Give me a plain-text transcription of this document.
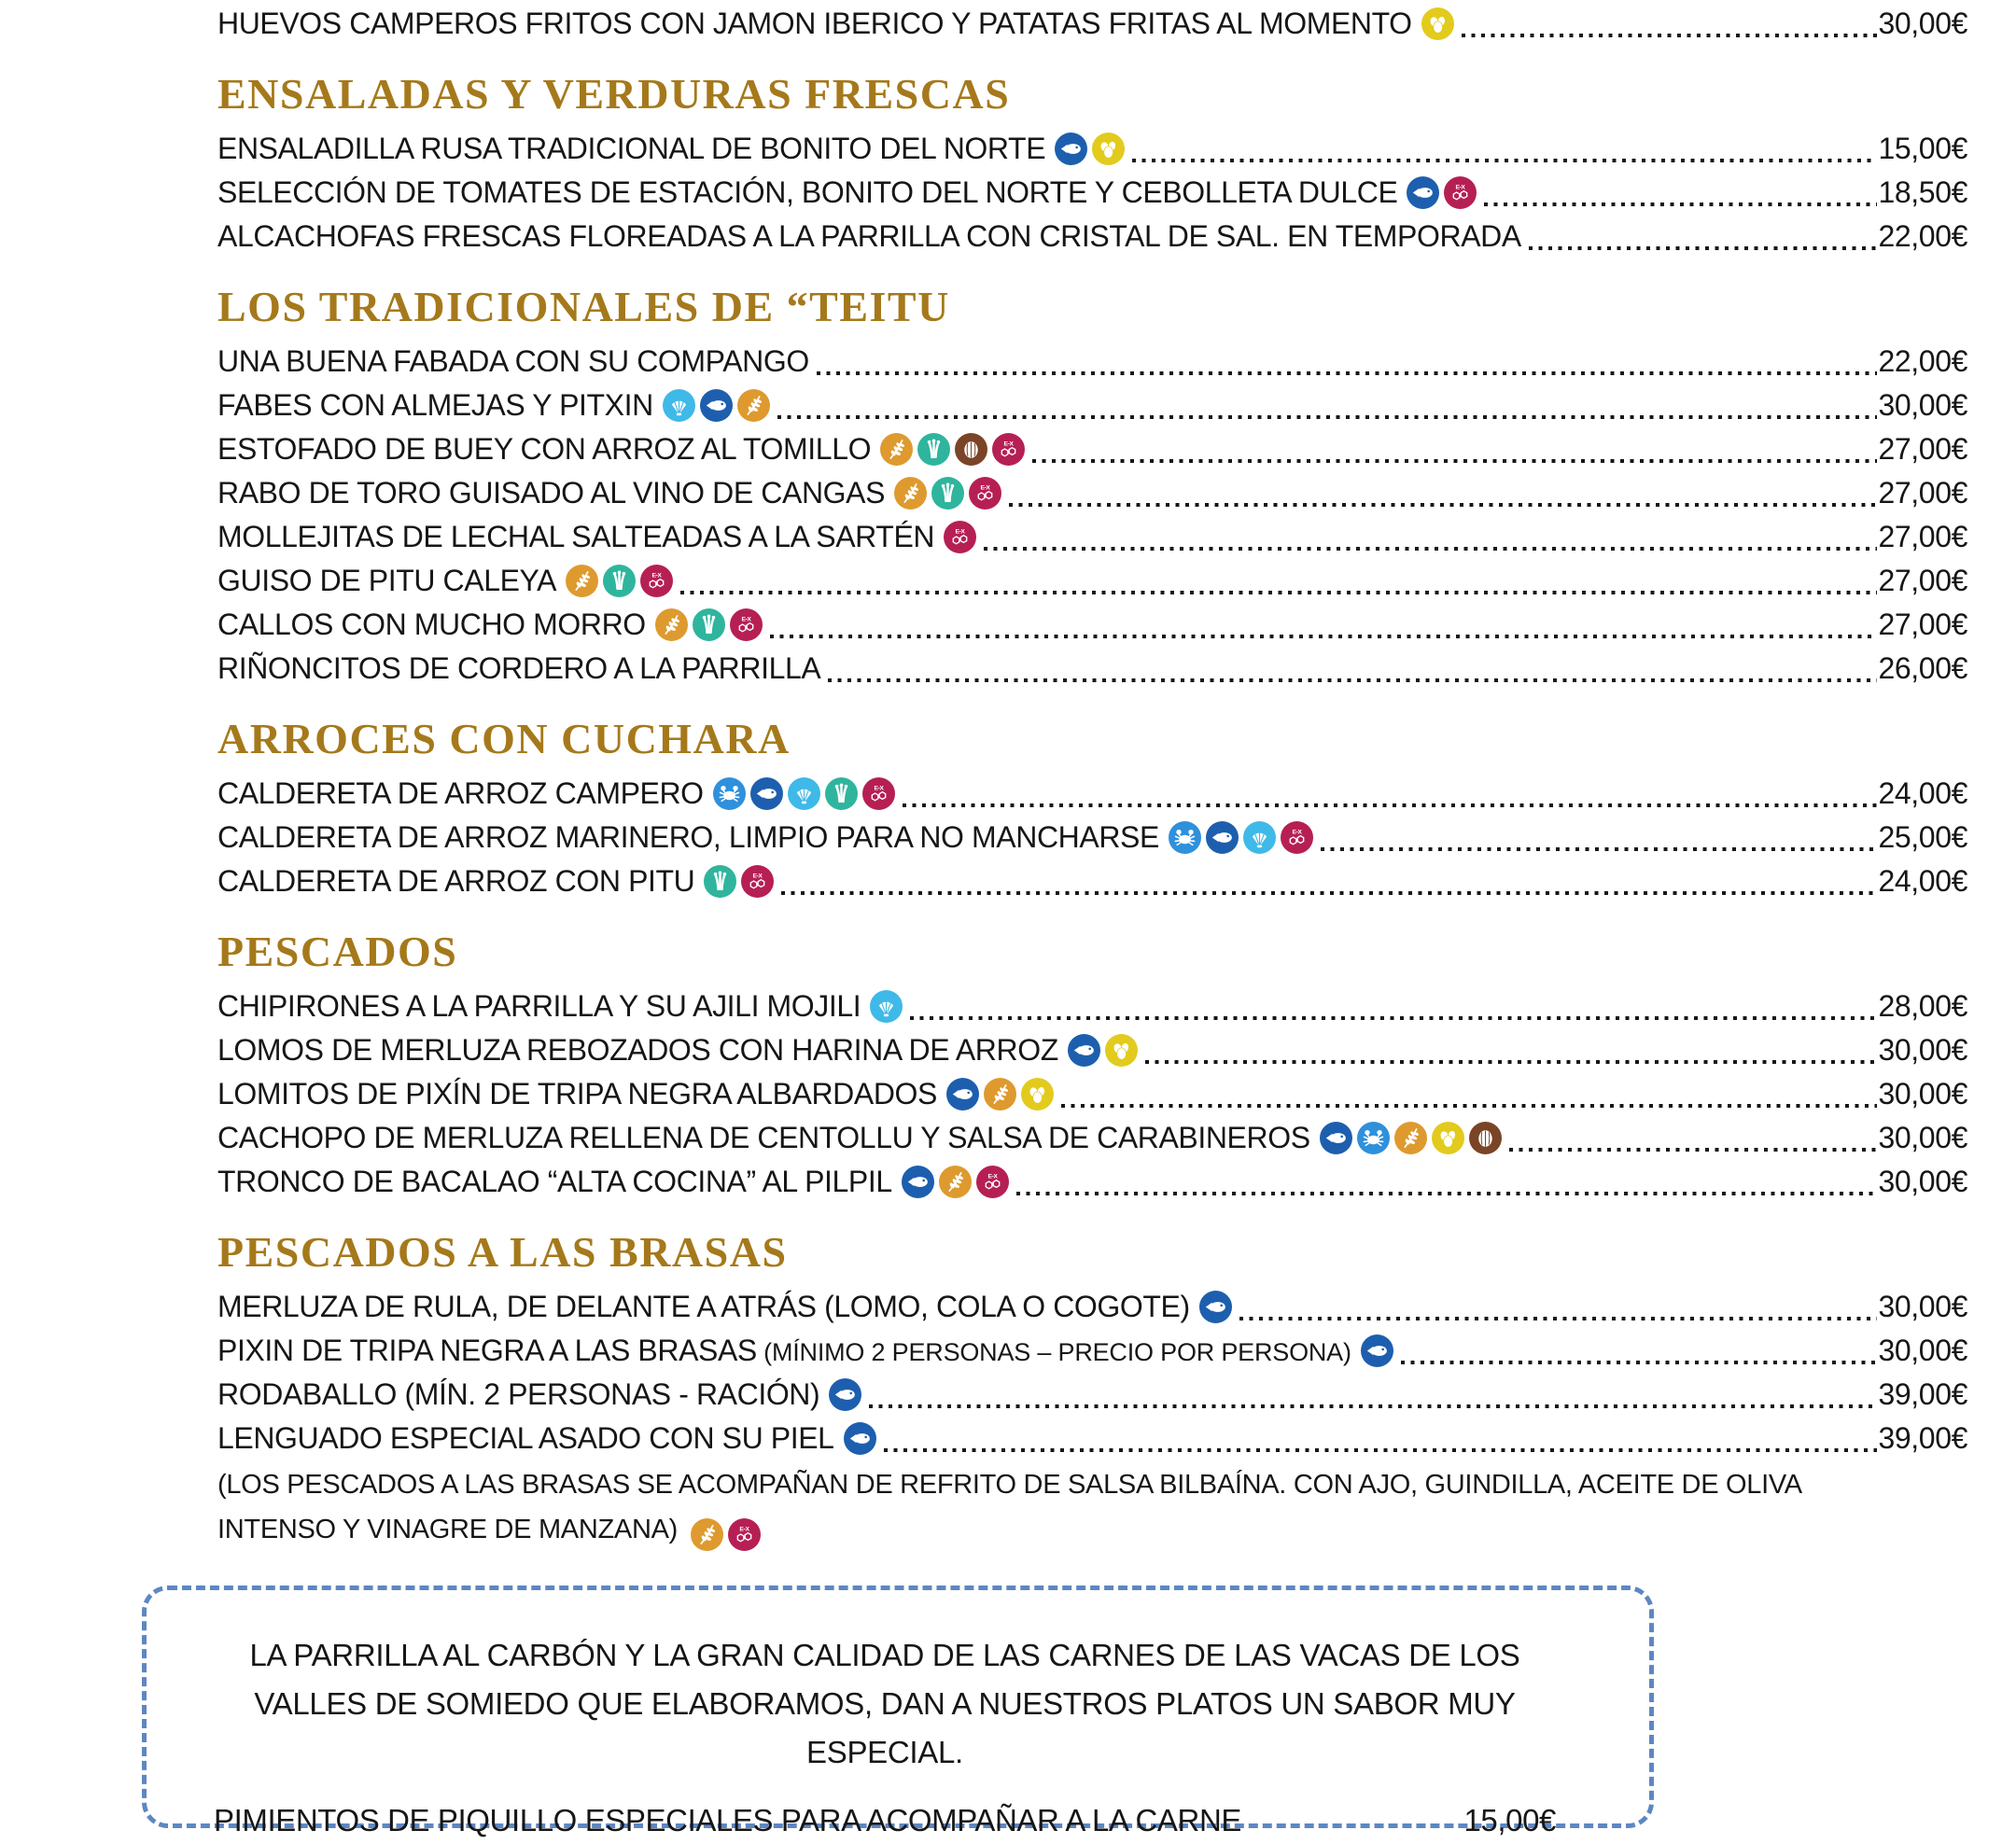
HUEVOS CAMPEROS FRITOS CON JAMON IBERICO Y PATATAS FRITAS AL MOMENTO	30,00€
ENSALADAS Y VERDURAS FRESCAS
ENSALADILLA RUSA TRADICIONAL DE BONITO DEL NORTE	15,00€
SELECCIÓN DE TOMATES DE ESTACIÓN, BONITO DEL NORTE Y CEBOLLETA DULCE	E-X	18,50€
ALCACHOFAS FRESCAS FLOREADAS A LA PARRILLA CON CRISTAL DE SAL. EN TEMPORADA	22,00€
LOS TRADICIONALES DE “TEITU
UNA BUENA FABADA CON SU COMPANGO	22,00€
FABES CON ALMEJAS Y PITXIN	30,00€
ESTOFADO DE BUEY CON ARROZ AL TOMILLO	E-X	27,00€
RABO DE TORO GUISADO AL VINO DE CANGAS	E-X	27,00€
MOLLEJITAS DE LECHAL SALTEADAS A LA SARTÉN	E-X	27,00€
GUISO DE PITU CALEYA	E-X	27,00€
CALLOS CON MUCHO MORRO	E-X	27,00€
RIÑONCITOS DE CORDERO A LA PARRILLA	26,00€
ARROCES CON CUCHARA
CALDERETA DE ARROZ CAMPERO	E-X	24,00€
CALDERETA DE ARROZ MARINERO, LIMPIO PARA NO MANCHARSE	E-X	25,00€
CALDERETA DE ARROZ CON PITU	E-X	24,00€
PESCADOS
CHIPIRONES A LA PARRILLA Y SU AJILI MOJILI	28,00€
LOMOS DE MERLUZA REBOZADOS CON HARINA DE ARROZ	30,00€
LOMITOS DE PIXÍN DE TRIPA NEGRA ALBARDADOS	30,00€
CACHOPO DE MERLUZA RELLENA DE CENTOLLU Y SALSA DE CARABINEROS	30,00€
TRONCO DE BACALAO “ALTA COCINA” AL PILPIL	E-X	30,00€
PESCADOS A LAS BRASAS
MERLUZA DE RULA, DE DELANTE A ATRÁS (LOMO, COLA O COGOTE)	30,00€
PIXIN DE TRIPA NEGRA A LAS BRASAS (MÍNIMO 2 PERSONAS – PRECIO POR PERSONA)	30,00€
RODABALLO (MÍN. 2 PERSONAS - RACIÓN)	39,00€
LENGUADO ESPECIAL ASADO CON SU PIEL	39,00€
(LOS PESCADOS A LAS BRASAS SE ACOMPAÑAN DE REFRITO DE SALSA BILBAÍNA. CON AJO, GUINDILLA, ACEITE DE OLIVA INTENSO Y VINAGRE DE MANZANA)	E-X
LA PARRILLA AL CARBÓN Y LA GRAN CALIDAD DE LAS CARNES DE LAS VACAS DE LOS VALLES DE SOMIEDO QUE ELABORAMOS, DAN A NUESTROS PLATOS UN SABOR MUY ESPECIAL.
PIMIENTOS DE PIQUILLO ESPECIALES PARA ACOMPAÑAR A LA CARNE	15,00€
